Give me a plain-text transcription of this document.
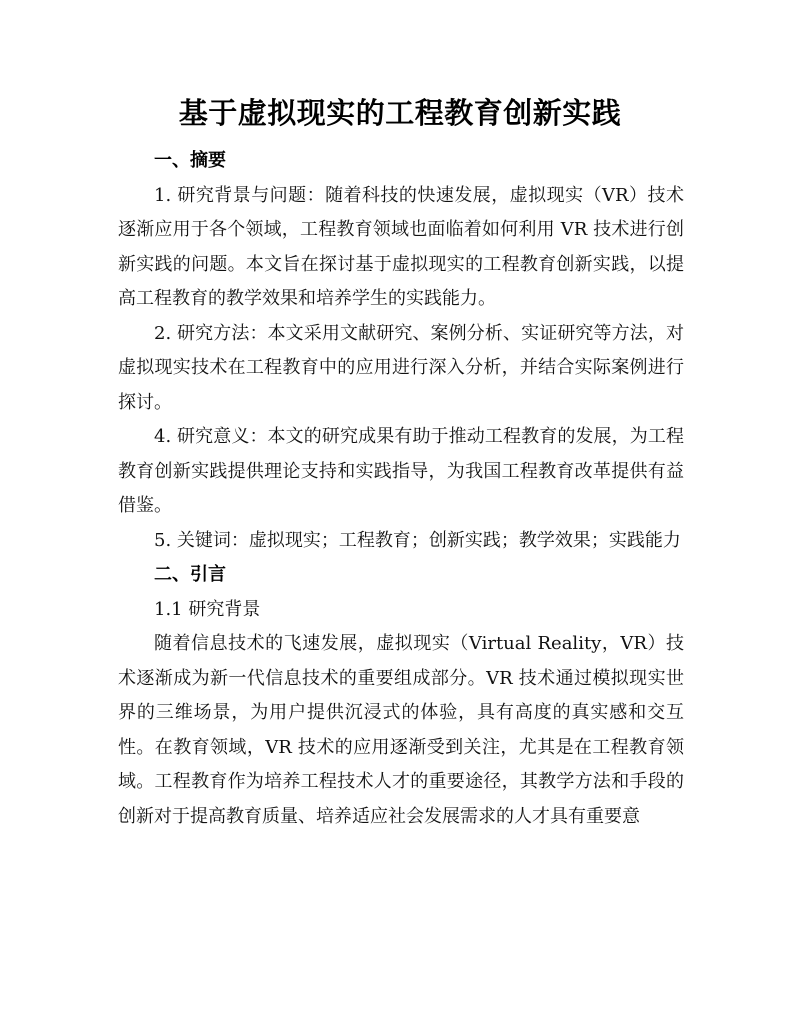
基于虚拟现实的工程教育创新实践

一、摘要

1. 研究背景与问题：随着科技的快速发展，虚拟现实（VR）技术逐渐应用于各个领域，工程教育领域也面临着如何利用 VR 技术进行创新实践的问题。本文旨在探讨基于虚拟现实的工程教育创新实践，以提高工程教育的教学效果和培养学生的实践能力。

2. 研究方法：本文采用文献研究、案例分析、实证研究等方法，对虚拟现实技术在工程教育中的应用进行深入分析，并结合实际案例进行探讨。

4. 研究意义：本文的研究成果有助于推动工程教育的发展，为工程教育创新实践提供理论支持和实践指导，为我国工程教育改革提供有益借鉴。

5. 关键词：虚拟现实；工程教育；创新实践；教学效果；实践能力

二、引言

1.1 研究背景

随着信息技术的飞速发展，虚拟现实（Virtual Reality，VR）技术逐渐成为新一代信息技术的重要组成部分。VR 技术通过模拟现实世界的三维场景，为用户提供沉浸式的体验，具有高度的真实感和交互性。在教育领域，VR 技术的应用逐渐受到关注，尤其是在工程教育领域。工程教育作为培养工程技术人才的重要途径，其教学方法和手段的创新对于提高教育质量、培养适应社会发展需求的人才具有重要意
